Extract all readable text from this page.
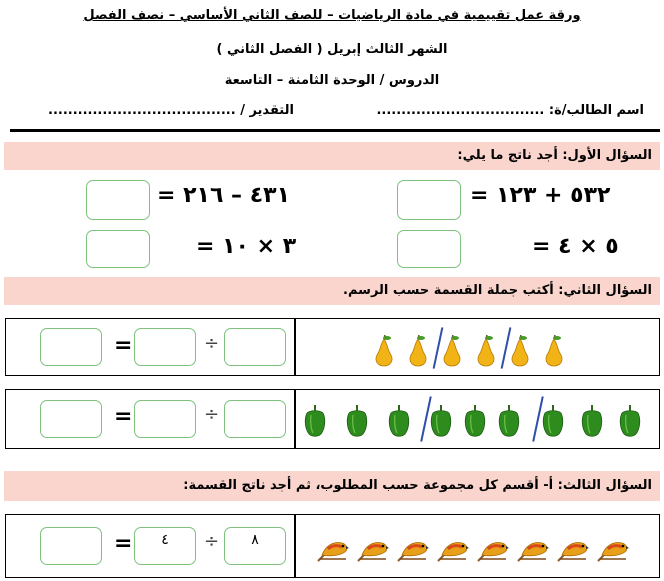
ورقة عمل تقييمية في مادة الرياضيات – للصف الثاني الأساسي – نصف الفصل
الشهر الثالث إبريل ( الفصل الثاني )
الدروس / الوحدة الثامنة – التاسعة
اسم الطالب/ة: ..................................
التقدير / ......................................
السؤال الأول: أجد ناتج ما يلي:
٥٣٢ + ١٢٣ =
٤٣١ – ٢١٦ =
٥ × ٤ =
٣ × ١٠ =
السؤال الثاني: أكتب جملة القسمة حسب الرسم.
=	÷
=	÷
السؤال الثالث: أ- أقسم كل مجموعة حسب المطلوب، ثم أجد ناتج القسمة:
=	٤	÷	٨
